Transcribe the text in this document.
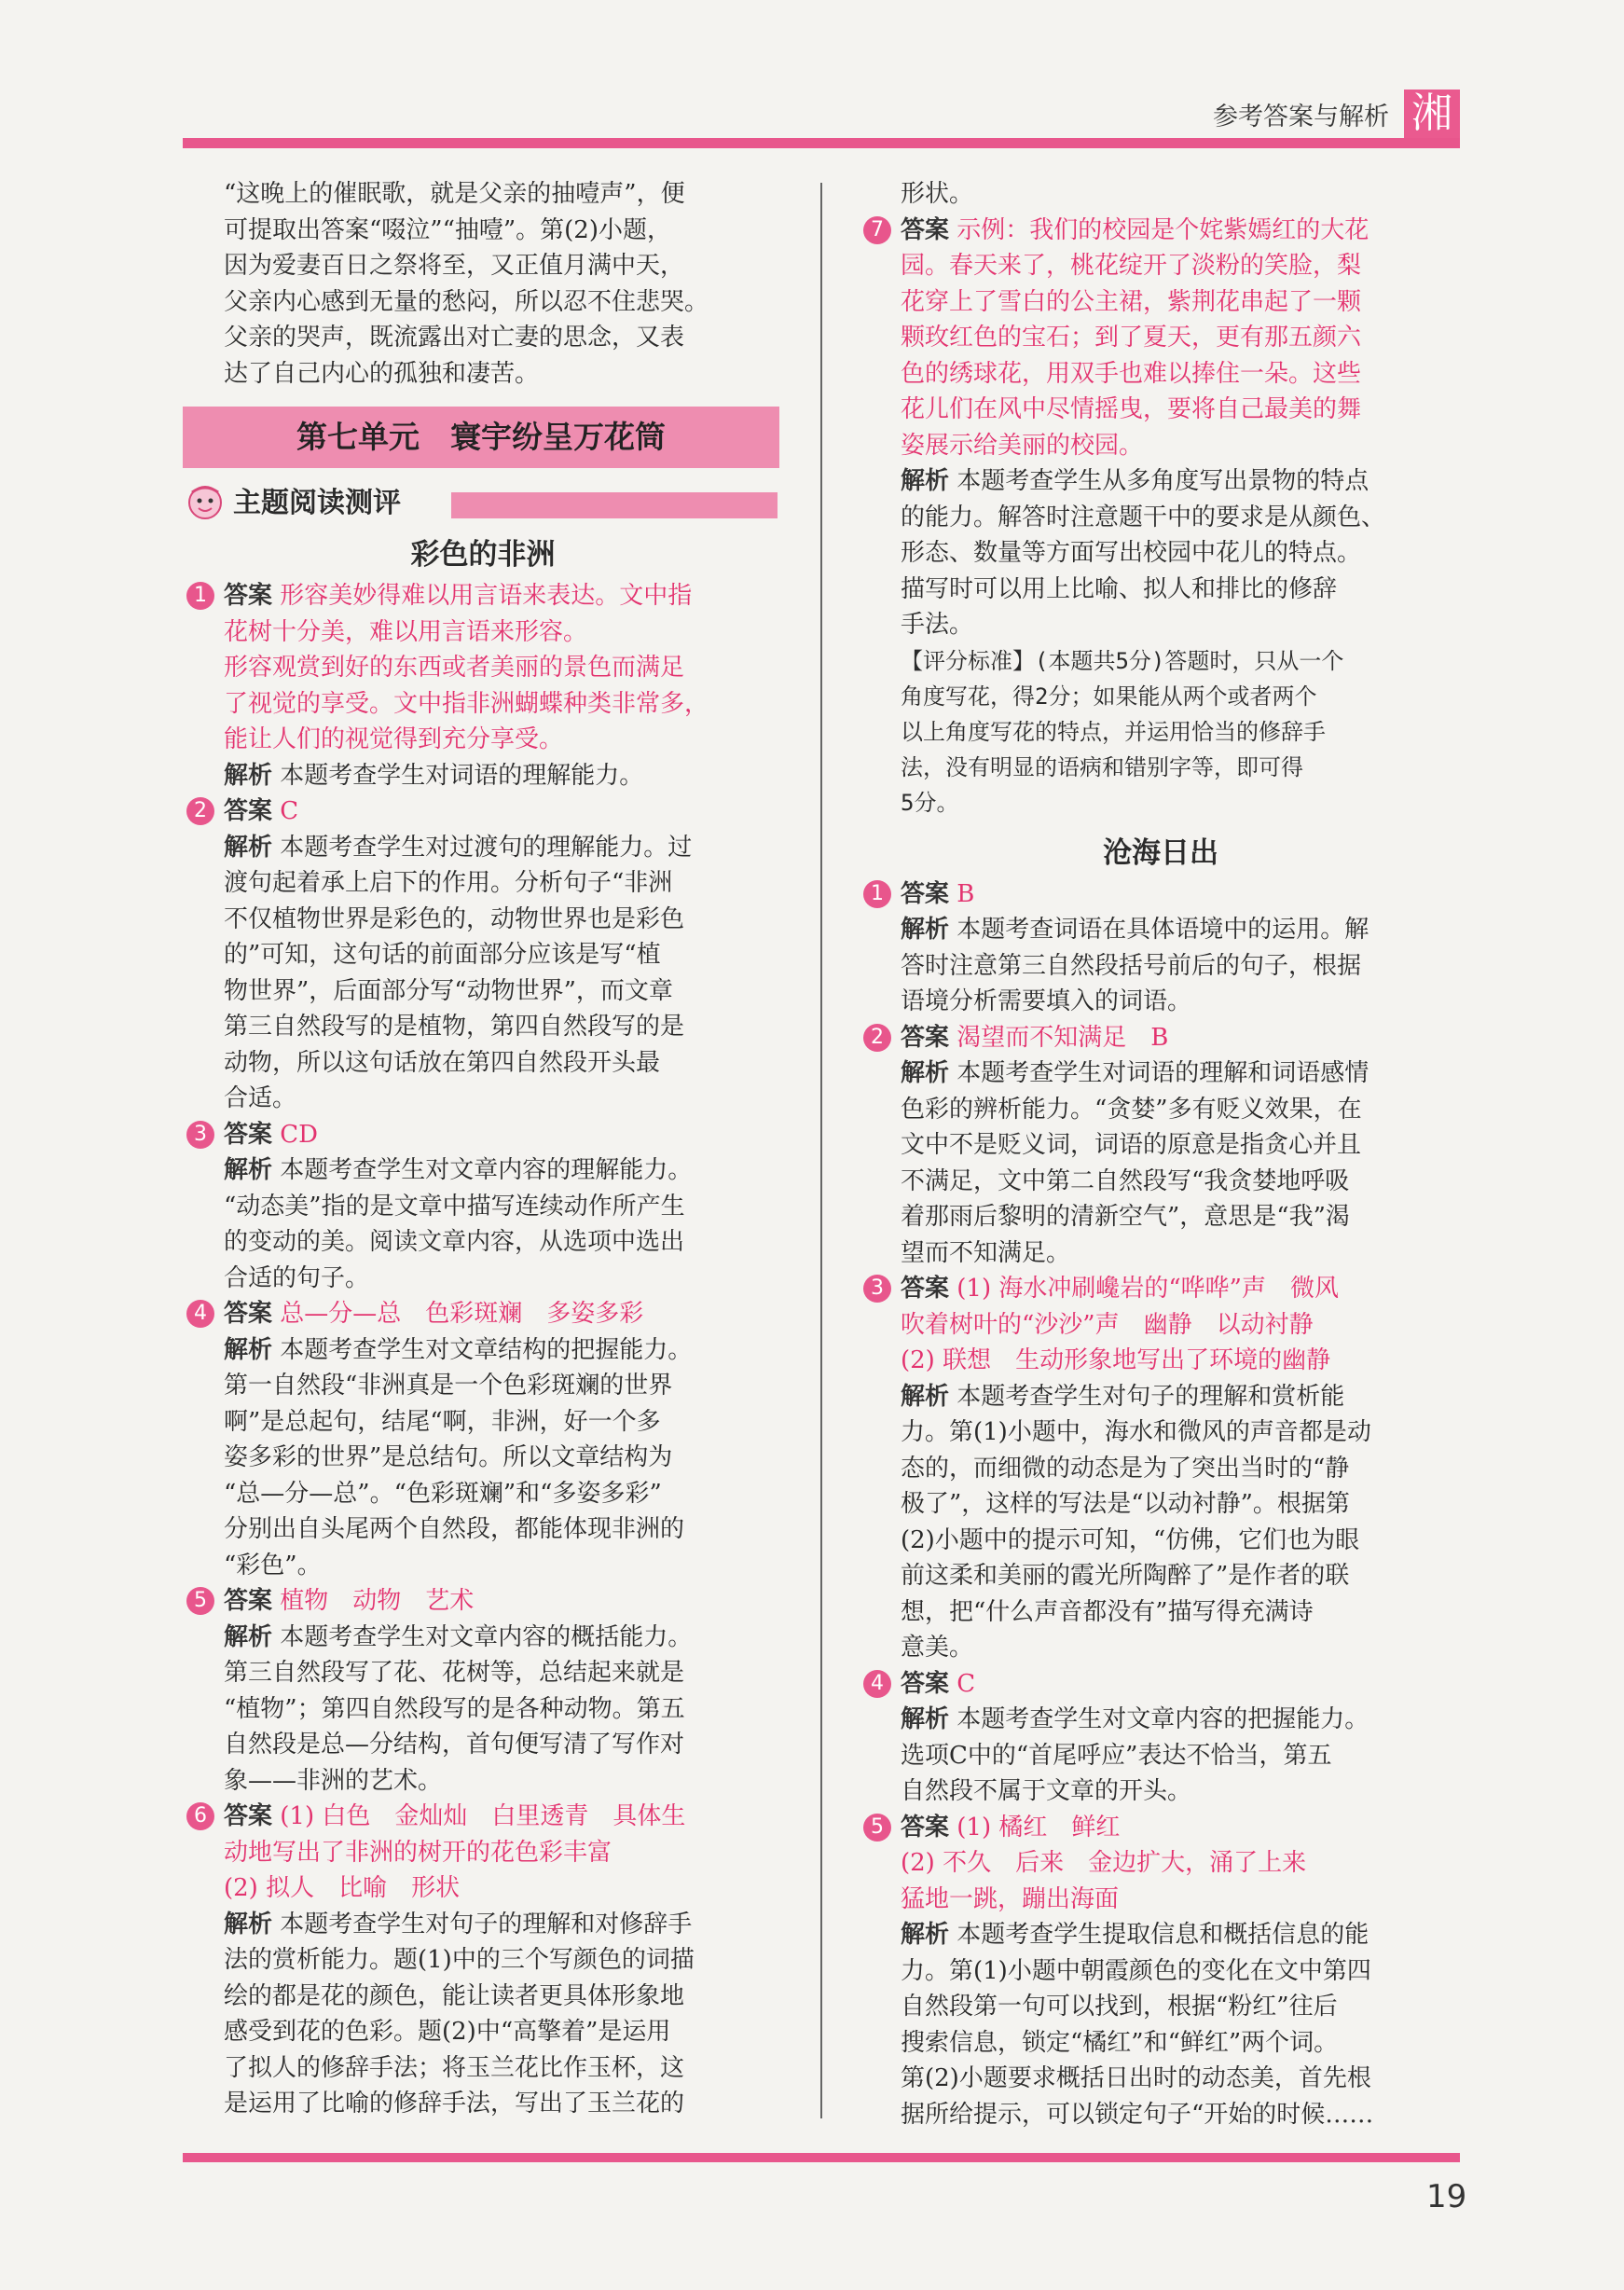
参考答案与解析 湘

“这晚上的催眠歌，就是父亲的抽噎声”，便

可提取出答案“啜泣”“抽噎”。第(2)小题，

因为爱妻百日之祭将至，又正值月满中天，

父亲内心感到无量的愁闷，所以忍不住悲哭。

父亲的哭声，既流露出对亡妻的思念，又表

达了自己内心的孤独和凄苦。

第七单元　寰宇纷呈万花筒
主题阅读测评

彩色的非洲

1 答案 形容美妙得难以用言语来表达。文中指

花树十分美，难以用言语来形容。

形容观赏到好的东西或者美丽的景色而满足

了视觉的享受。文中指非洲蝴蝶种类非常多，

能让人们的视觉得到充分享受。

解析 本题考查学生对词语的理解能力。

2 答案 C

解析 本题考查学生对过渡句的理解能力。过

渡句起着承上启下的作用。分析句子“非洲

不仅植物世界是彩色的，动物世界也是彩色

的”可知，这句话的前面部分应该是写“植

物世界”，后面部分写“动物世界”，而文章

第三自然段写的是植物，第四自然段写的是

动物，所以这句话放在第四自然段开头最

合适。

3 答案 CD

解析 本题考查学生对文章内容的理解能力。

“动态美”指的是文章中描写连续动作所产生

的变动的美。阅读文章内容，从选项中选出

合适的句子。

4 答案 总—分—总　色彩斑斓　多姿多彩

解析 本题考查学生对文章结构的把握能力。

第一自然段“非洲真是一个色彩斑斓的世界

啊”是总起句，结尾“啊，非洲，好一个多

姿多彩的世界”是总结句。所以文章结构为

“总—分—总”。“色彩斑斓”和“多姿多彩”

分别出自头尾两个自然段，都能体现非洲的

“彩色”。

5 答案 植物　动物　艺术

解析 本题考查学生对文章内容的概括能力。

第三自然段写了花、花树等，总结起来就是

“植物”；第四自然段写的是各种动物。第五

自然段是总—分结构，首句便写清了写作对

象——非洲的艺术。

6 答案 (1) 白色　金灿灿　白里透青　具体生

动地写出了非洲的树开的花色彩丰富

(2) 拟人　比喻　形状

解析 本题考查学生对句子的理解和对修辞手

法的赏析能力。题(1)中的三个写颜色的词描

绘的都是花的颜色，能让读者更具体形象地

感受到花的色彩。题(2)中“高擎着”是运用

了拟人的修辞手法；将玉兰花比作玉杯，这

是运用了比喻的修辞手法，写出了玉兰花的

形状。

7 答案 示例：我们的校园是个姹紫嫣红的大花

园。春天来了，桃花绽开了淡粉的笑脸，梨

花穿上了雪白的公主裙，紫荆花串起了一颗

颗玫红色的宝石；到了夏天，更有那五颜六

色的绣球花，用双手也难以捧住一朵。这些

花儿们在风中尽情摇曳，要将自己最美的舞

姿展示给美丽的校园。

解析 本题考查学生从多角度写出景物的特点

的能力。解答时注意题干中的要求是从颜色、

形态、数量等方面写出校园中花儿的特点。

描写时可以用上比喻、拟人和排比的修辞

手法。

【评分标准】(本题共5分)答题时，只从一个

角度写花，得2分；如果能从两个或者两个

以上角度写花的特点，并运用恰当的修辞手

法，没有明显的语病和错别字等，即可得

5分。

沧海日出

1 答案 B

解析 本题考查词语在具体语境中的运用。解

答时注意第三自然段括号前后的句子，根据

语境分析需要填入的词语。

2 答案 渴望而不知满足　B

解析 本题考查学生对词语的理解和词语感情

色彩的辨析能力。“贪婪”多有贬义效果，在

文中不是贬义词，词语的原意是指贪心并且

不满足，文中第二自然段写“我贪婪地呼吸

着那雨后黎明的清新空气”，意思是“我”渴

望而不知满足。

3 答案 (1) 海水冲刷巉岩的“哗哗”声　微风

吹着树叶的“沙沙”声　幽静　以动衬静

(2) 联想　生动形象地写出了环境的幽静

解析 本题考查学生对句子的理解和赏析能

力。第(1)小题中，海水和微风的声音都是动

态的，而细微的动态是为了突出当时的“静

极了”，这样的写法是“以动衬静”。根据第

(2)小题中的提示可知，“仿佛，它们也为眼

前这柔和美丽的霞光所陶醉了”是作者的联

想，把“什么声音都没有”描写得充满诗

意美。

4 答案 C

解析 本题考查学生对文章内容的把握能力。

选项C中的“首尾呼应”表达不恰当，第五

自然段不属于文章的开头。

5 答案 (1) 橘红　鲜红

(2) 不久　后来　金边扩大，涌了上来

猛地一跳，蹦出海面

解析 本题考查学生提取信息和概括信息的能

力。第(1)小题中朝霞颜色的变化在文中第四

自然段第一句可以找到，根据“粉红”往后

搜索信息，锁定“橘红”和“鲜红”两个词。

第(2)小题要求概括日出时的动态美，首先根

据所给提示，可以锁定句子“开始的时候……

19
